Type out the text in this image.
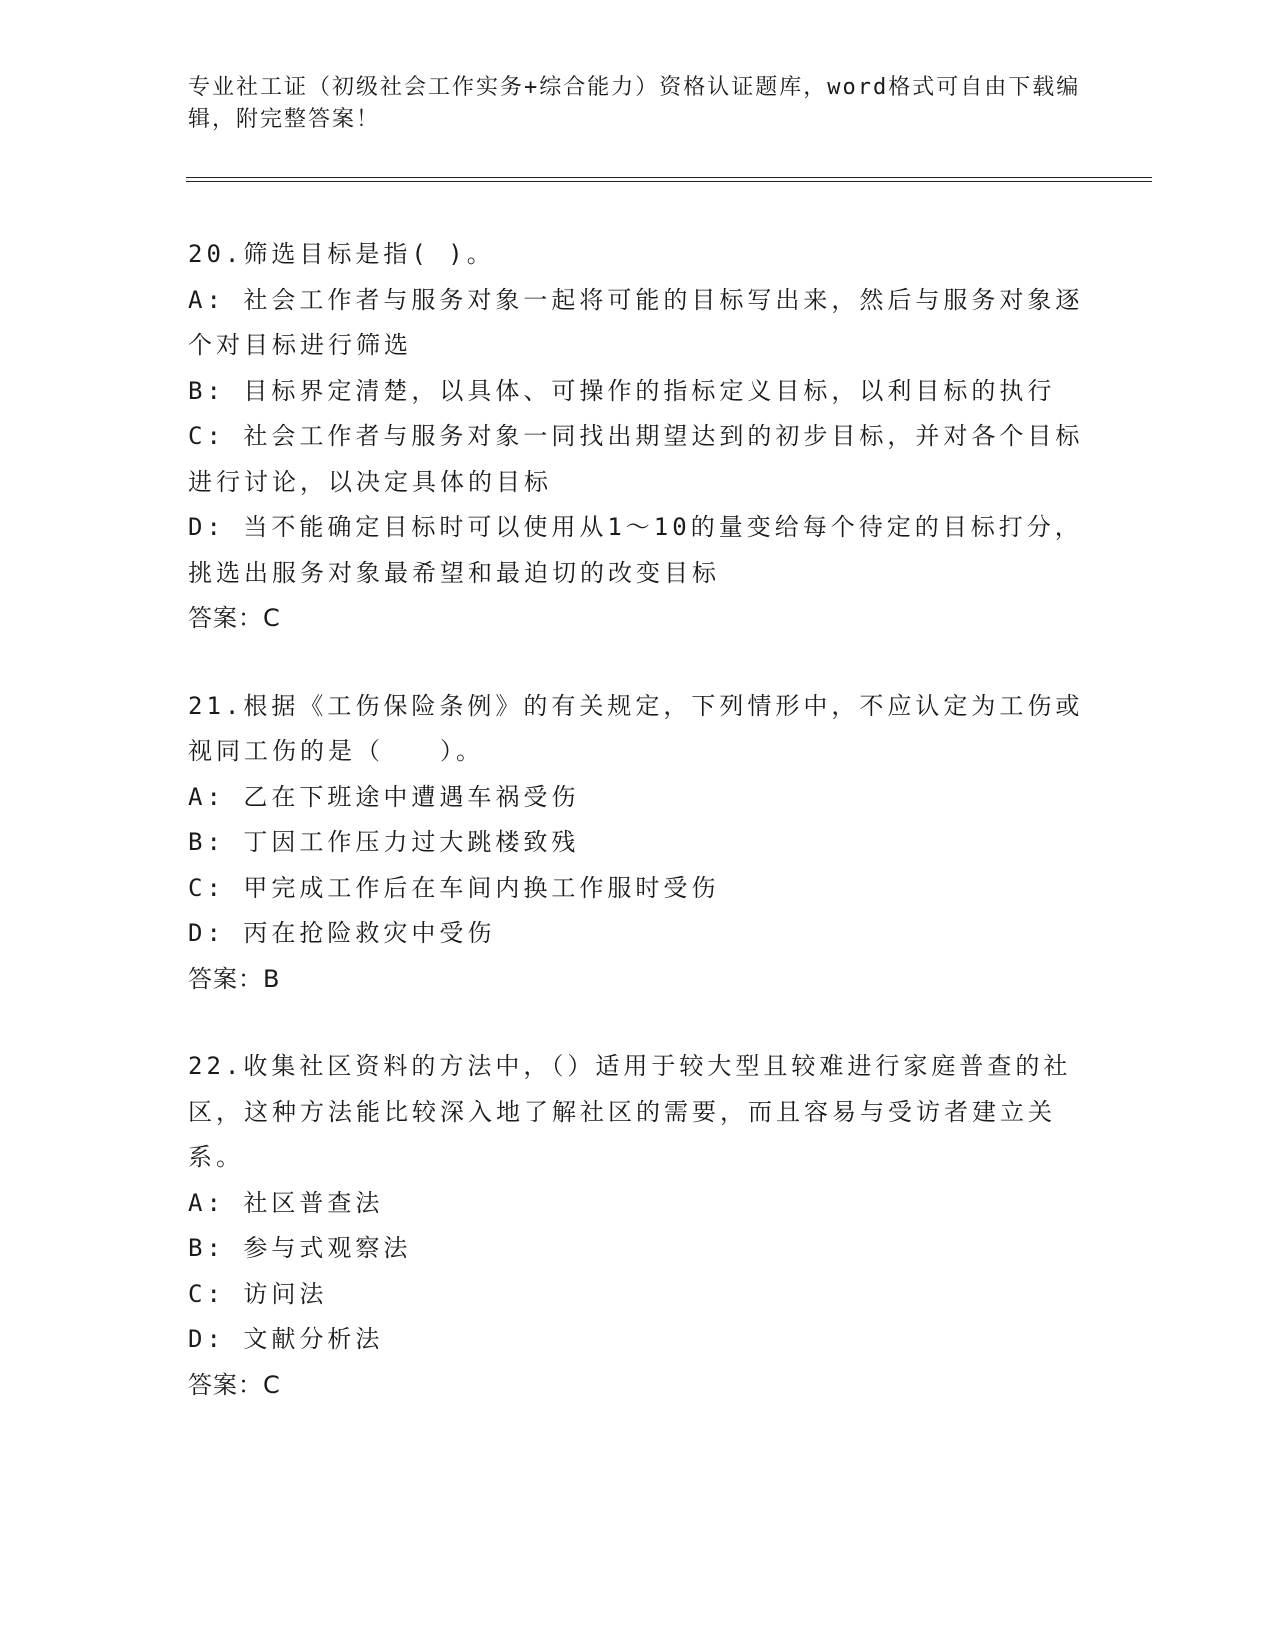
专业社工证（初级社会工作实务+综合能力）资格认证题库，word格式可自由下载编辑，附完整答案！
20.筛选目标是指( )。
A: 社会工作者与服务对象一起将可能的目标写出来，然后与服务对象逐个对目标进行筛选
B: 目标界定清楚，以具体、可操作的指标定义目标，以利目标的执行
C: 社会工作者与服务对象一同找出期望达到的初步目标，并对各个目标进行讨论，以决定具体的目标
D: 当不能确定目标时可以使用从1～10的量变给每个待定的目标打分，挑选出服务对象最希望和最迫切的改变目标
答案：C
21.根据《工伤保险条例》的有关规定，下列情形中，不应认定为工伤或视同工伤的是（　　）。
A: 乙在下班途中遭遇车祸受伤
B: 丁因工作压力过大跳楼致残
C: 甲完成工作后在车间内换工作服时受伤
D: 丙在抢险救灾中受伤
答案：B
22.收集社区资料的方法中，（）适用于较大型且较难进行家庭普查的社区，这种方法能比较深入地了解社区的需要，而且容易与受访者建立关系。
A: 社区普查法
B: 参与式观察法
C: 访问法
D: 文献分析法
答案：C
